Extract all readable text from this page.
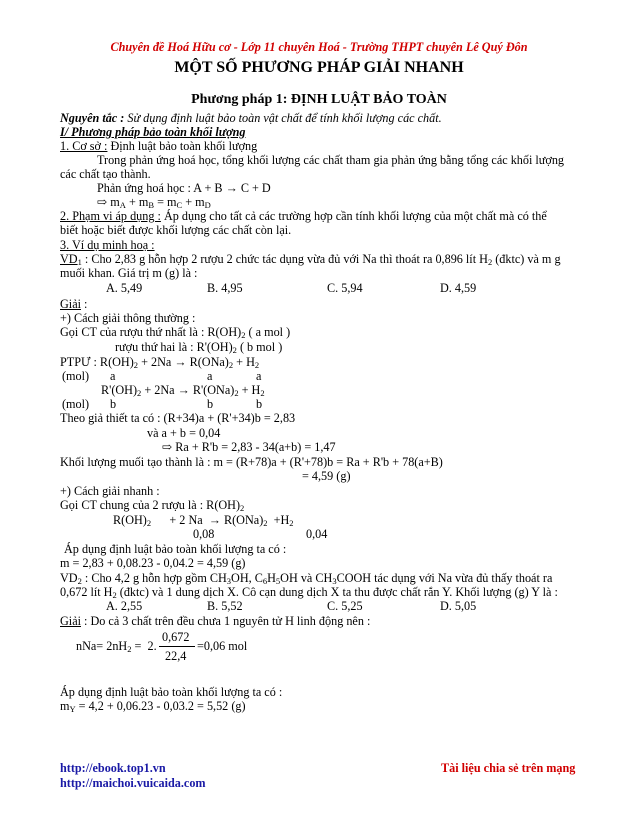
Chuyên đề Hoá Hữu cơ - Lớp 11 chuyên Hoá - Trường THPT chuyên Lê Quý Đôn
MỘT SỐ PHƯƠNG PHÁP GIẢI NHANH
Phương pháp 1: ĐỊNH LUẬT BẢO TOÀN
Nguyên tắc : Sử dụng định luật bảo toàn vật chất để tính khối lượng các chất.
I/ Phương pháp bảo toàn khối lượng
1. Cơ sở : Định luật bảo toàn khối lượng
Trong phản ứng hoá học, tổng khối lượng các chất tham gia phản ứng bằng tổng các khối lượng
các chất tạo thành.
Phản ứng hoá học : A + B → C + D
⇨ $m_A + m_B = m_C + m_D$
2. Phạm vi áp dụng : Áp dụng cho tất cả các trường hợp cần tính khối lượng của một chất mà có thể
biết hoặc biết được khối lượng các chất còn lại.
3. Ví dụ minh hoạ :
$VD_1$ : Cho 2,83 g hỗn hợp 2 rượu 2 chức tác dụng vừa đủ với Na thì thoát ra 0,896 lít $H_2$ (đktc) và m g
muối khan. Giá trị m (g) là :
A. 5,49	B. 4,95	C. 5,94	D. 4,59
Giải :
+) Cách giải thông thường :
Gọi CT của rượu thứ nhất là : $R(OH)_2$ ( a mol )
rượu thứ hai là : $R'(OH)_2$ ( b mol )
PTPƯ : $R(OH)_2 + 2Na \to R(ONa)_2 + H_2$
(mol) a	a	a
$R'(OH)_2 + 2Na \to R'(ONa)_2 + H_2$
(mol) b	b	b
Theo giả thiết ta có : (R+34)a + (R'+34)b = 2,83
và a + b = 0,04
⇨ Ra + R'b = 2,83 - 34(a+b) = 1,47
Khối lượng muối tạo thành là : m = (R+78)a + (R'+78)b = Ra + R'b + 78(a+B)
= 4,59 (g)
+) Cách giải nhanh :
Gọi CT chung của 2 rượu là : $R(OH)_2$
$R(OH)_2$      + 2 $Na \to R(ONa)_2 +H_2$
0,08	0,04
Áp dụng định luật bảo toàn khối lượng ta có :
m = 2,83 + 0,08.23 - 0,04.2 = 4,59 (g)
$VD_2$ : Cho 4,2 g hỗn hợp gồm $CH_3OH$, $C_6H_5OH$ và $CH_3COOH$ tác dụng với Na vừa đủ thấy thoát ra
0,672 lít $H_2$ (đktc) và 1 dung dịch X. Cô cạn dung dịch X ta thu được chất rắn Y. Khối lượng (g) Y là :
A. 2,55	B. 5,52	C. 5,25	D. 5,05
Giải : Do cả 3 chất trên đều chưa 1 nguyên tử H linh động nên :
$nNa= 2nH_2 = 2$.
0,672
22,4
=0,06 mol
Áp dụng định luật bảo toàn khối lượng ta có :
$m_Y = 4,2 + 0,06.23 - 0,03.2 = 5,52$ (g)
http://ebook.top1.vn
http://maichoi.vuicaida.com
Tài liệu chia sẻ trên mạng
